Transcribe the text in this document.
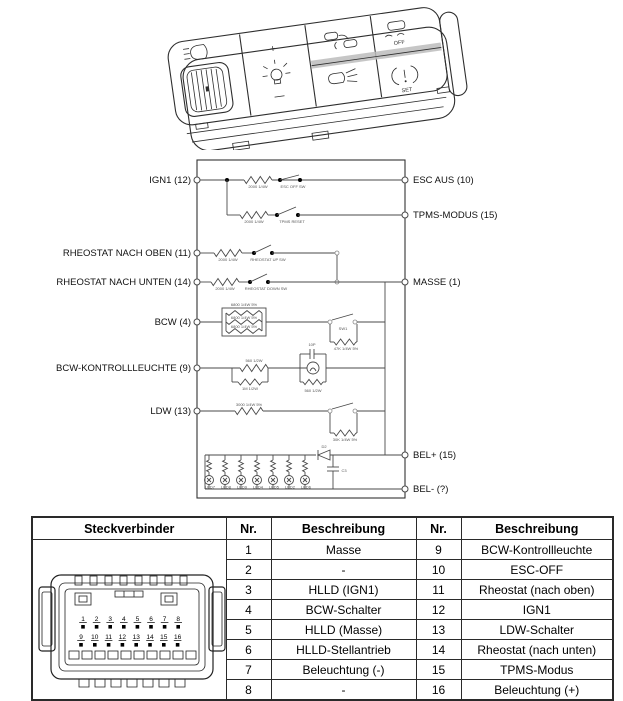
+
OFF
SET
IGN1 (12)
RHEOSTAT NACH OBEN (11)
RHEOSTAT NACH UNTEN (14)
BCW (4)
BCW-KONTROLLLEUCHTE (9)
LDW (13)
ESC AUS (10)
TPMS-MODUS (15)
MASSE (1)
BEL+ (15)
BEL- (?)
LED7 LED8 LED9 LED4 LED5 LED2 LED6
2000 1/4W	ESC OFF SW
2000 1/4W	TPMS RESET
2000 1/4W	RHEOSTAT UP SW
2000 1/4W	RHEOSTAT DOWN SW
6800 1/4W 5%
6800 1/4W 5%
6800 1/4W 5%	SW1
47K 1/4W 5%
560 1/2W
1M 1/2W
10P
560 1/2W
3000 1/4W 5%
30K 1/4W 5%
D2
C3
Steckverbinder	Nr.	Beschreibung	Nr.	Beschreibung

1 2 3 4 5 6 7 8
9 10 11 12 13 14 15 16
	1	Masse	9	BCW-Kontrollleuchte
	2	-	10	ESC-OFF
	3	HLLD (IGN1)	11	Rheostat (nach oben)
	4	BCW-Schalter	12	IGN1
	5	HLLD (Masse)	13	LDW-Schalter
	6	HLLD-Stellantrieb	14	Rheostat (nach unten)
	7	Beleuchtung (-)	15	TPMS-Modus
	8	-	16	Beleuchtung (+)
